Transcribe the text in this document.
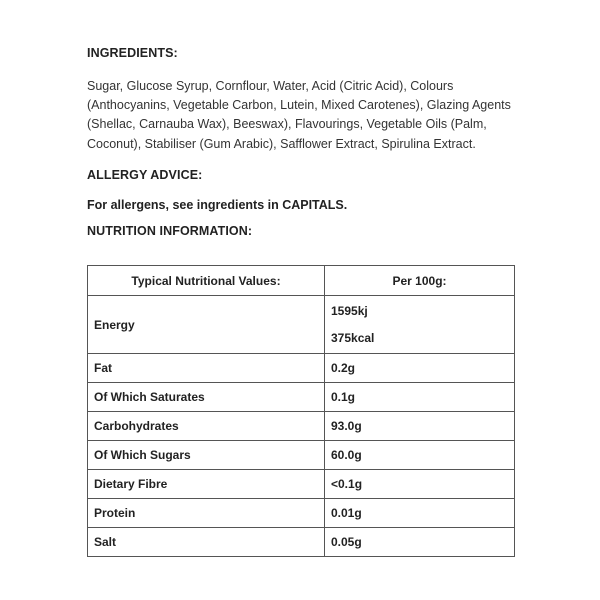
INGREDIENTS:

Sugar, Glucose Syrup, Cornflour, Water, Acid (Citric Acid), Colours (Anthocyanins, Vegetable Carbon, Lutein, Mixed Carotenes), Glazing Agents (Shellac, Carnauba Wax), Beeswax), Flavourings, Vegetable Oils (Palm, Coconut), Stabiliser (Gum Arabic), Safflower Extract, Spirulina Extract.

ALLERGY ADVICE:

For allergens, see ingredients in CAPITALS.

NUTRITION INFORMATION:

Typical Nutritional Values:	Per 100g:
Energy	1595kj
375kcal

Fat	0.2g
Of Which Saturates	0.1g
Carbohydrates	93.0g
Of Which Sugars	60.0g
Dietary Fibre	<0.1g
Protein	0.01g
Salt	0.05g
